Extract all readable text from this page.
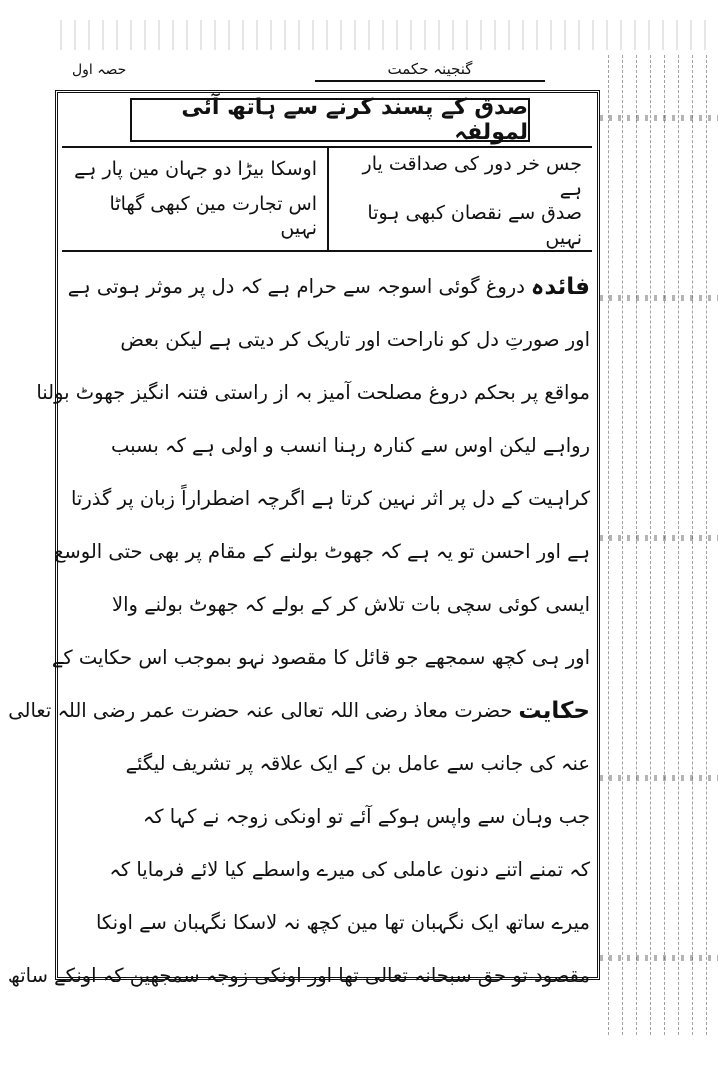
حصہ اول	گنجینہ حکمت
صدق کے پسند کرنے سے ہاتھ آئی لمولفہ
جس خر دور کی صداقت یار ہے
صدق سے نقصان کبھی ہوتا نہیں
اوسکا بیڑا دو جہان مین پار ہے
اس تجارت مین کبھی گھاٹا نہیں
فائدہ
دروغ گوئی اسوجہ سے حرام ہے کہ دل پر موثر ہوتی ہے
اور صورتِ دل کو ناراحت اور تاریک کر دیتی ہے لیکن بعض
مواقع پر بحکم دروغ مصلحت آمیز بہ از راستی فتنہ انگیز جھوٹ بولنا
رواہے لیکن اوس سے کنارہ رہنا انسب و اولی ہے کہ بسبب
کراہیت کے دل پر اثر نہین کرتا ہے اگرچہ اضطراراً زبان پر گذرتا
ہے اور احسن تو یہ ہے کہ جھوٹ بولنے کے مقام پر بھی حتی الوسع
ایسی کوئی سچی بات تلاش کر کے بولے کہ جھوٹ بولنے والا
اور ہی کچھ سمجھے جو قائل کا مقصود نہو بموجب اس حکایت کے
حکایت
حضرت معاذ رضی اللہ تعالی عنہ حضرت عمر رضی اللہ تعالی
عنہ کی جانب سے عامل بن کے ایک علاقہ پر تشریف لیگئے
جب وہان سے واپس ہوکے آئے تو اونکی زوجہ نے کہا کہ
کہ تمنے اتنے دنون عاملی کی میرے واسطے کیا لائے فرمایا کہ
میرے ساتھ ایک نگہبان تھا مین کچھ نہ لاسکا نگہبان سے اونکا
مقصود تو حق سبحانہ تعالی تھا اور اونکی زوجہ سمجھین کہ اونکے ساتھ
